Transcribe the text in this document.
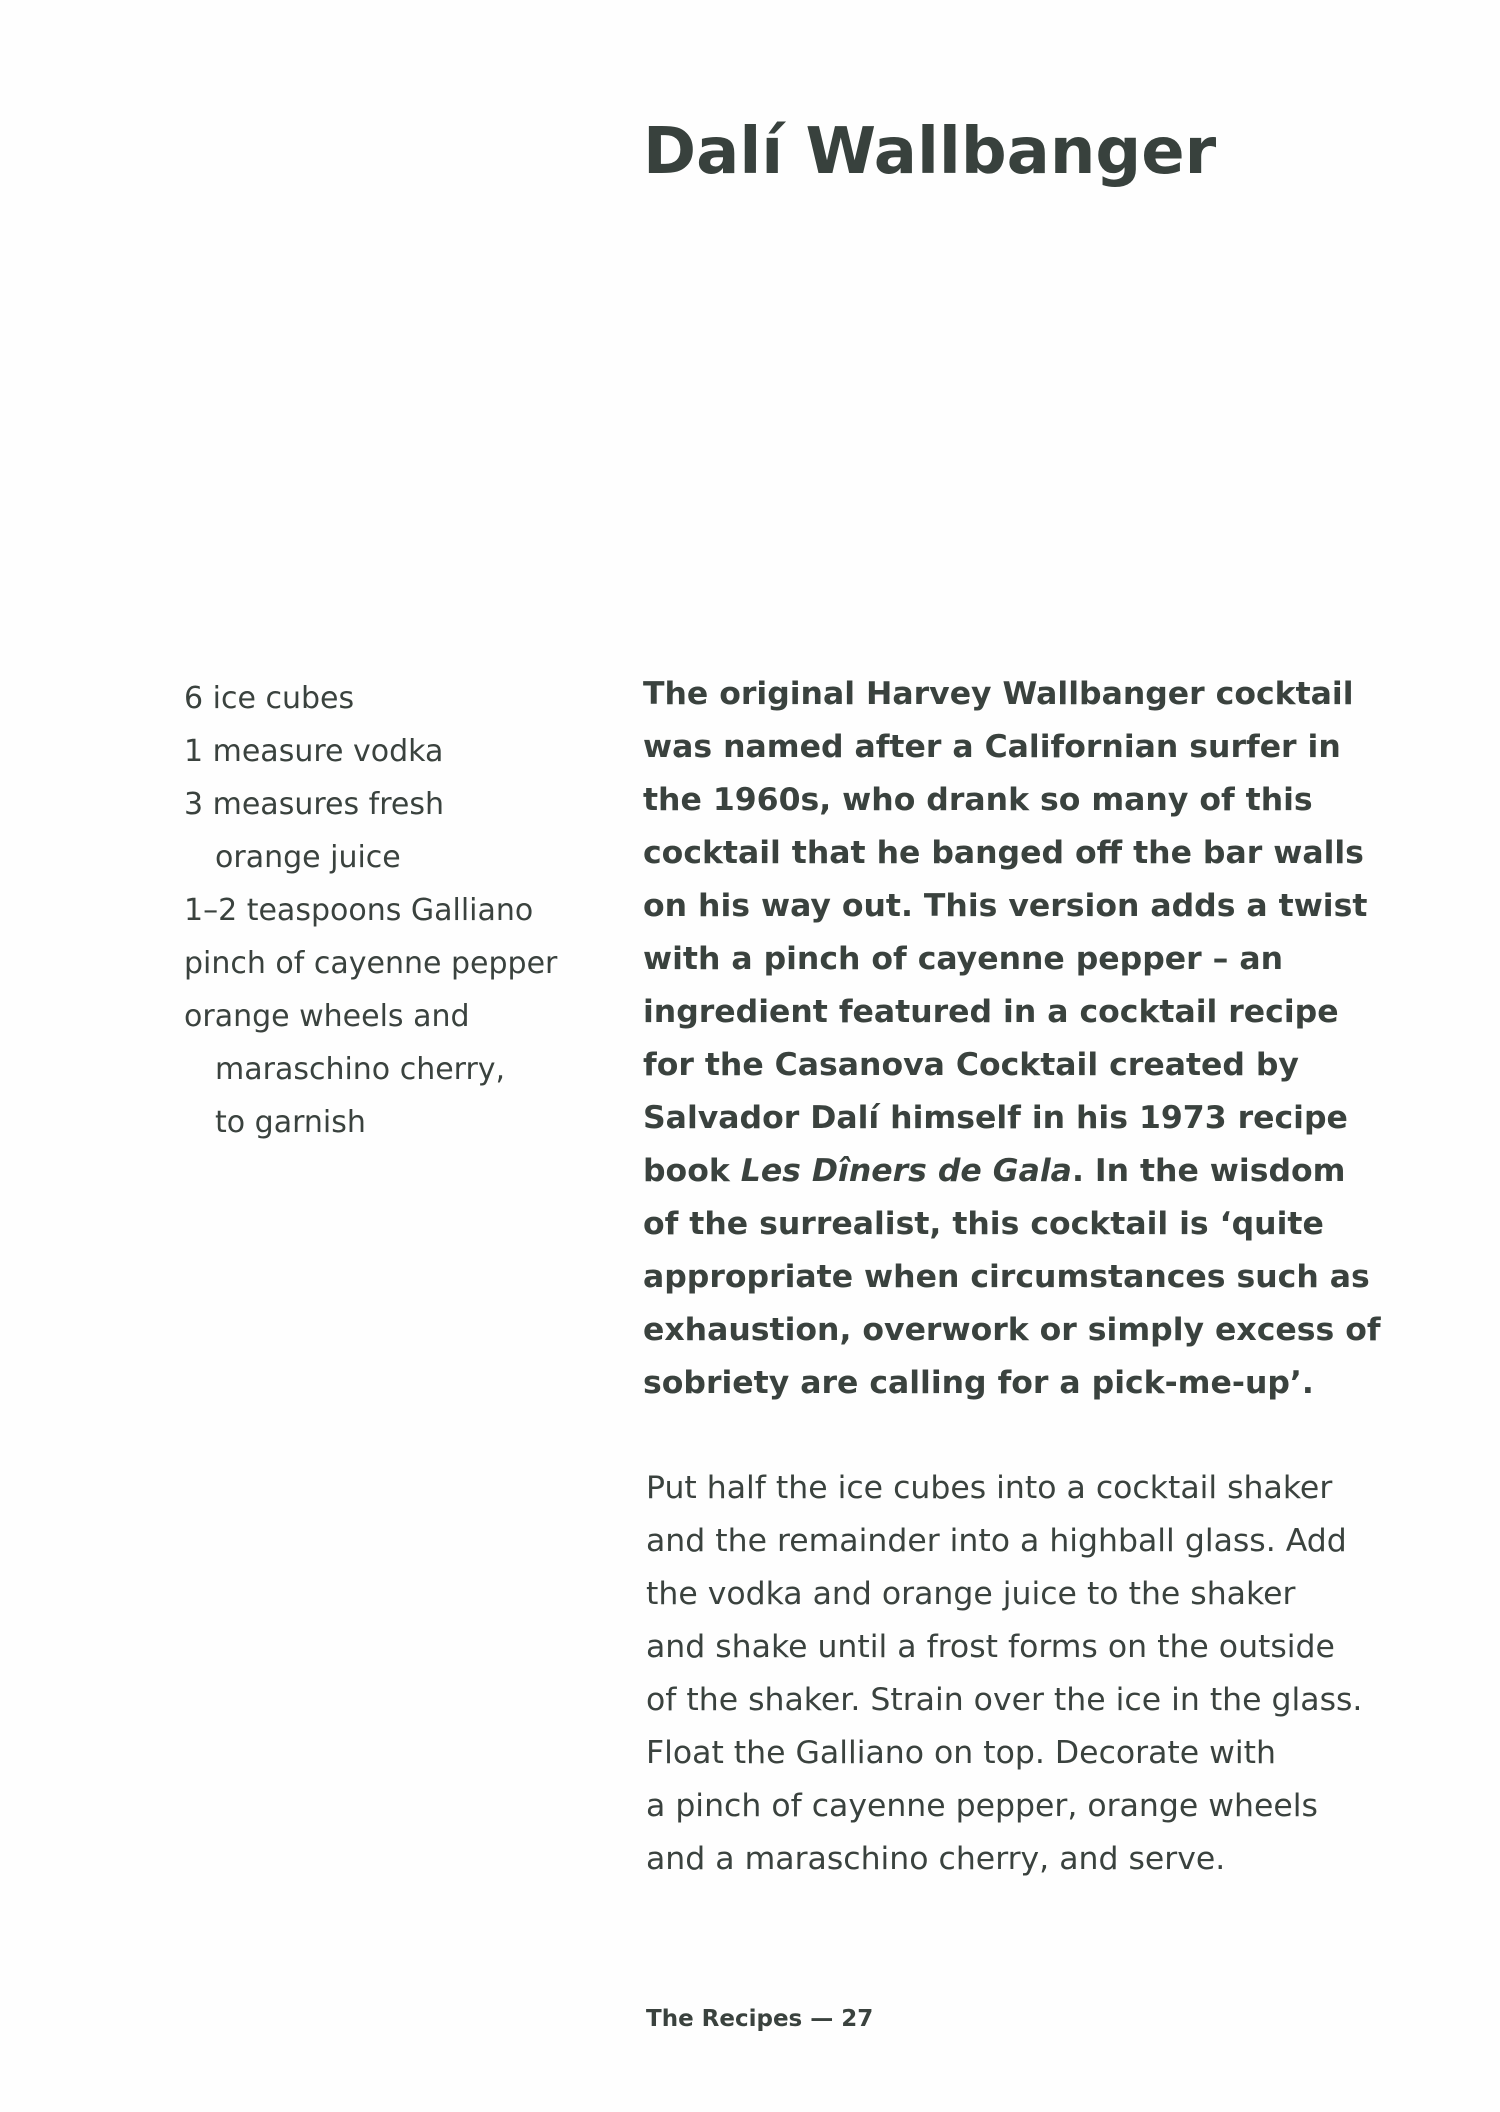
Dalí Wallbanger
6 ice cubes
1 measure vodka
3 measures fresh
orange juice
1–2 teaspoons Galliano
pinch of cayenne pepper
orange wheels and
maraschino cherry,
to garnish
The original Harvey Wallbanger cocktail
was named after a Californian surfer in
the 1960s, who drank so many of this
cocktail that he banged off the bar walls
on his way out. This version adds a twist
with a pinch of cayenne pepper – an
ingredient featured in a cocktail recipe
for the Casanova Cocktail created by
Salvador Dalí himself in his 1973 recipe
book Les Dîners de Gala. In the wisdom
of the surrealist, this cocktail is ‘quite
appropriate when circumstances such as
exhaustion, overwork or simply excess of
sobriety are calling for a pick-me-up’.
Put half the ice cubes into a cocktail shaker
and the remainder into a highball glass. Add
the vodka and orange juice to the shaker
and shake until a frost forms on the outside
of the shaker. Strain over the ice in the glass.
Float the Galliano on top. Decorate with
a pinch of cayenne pepper, orange wheels
and a maraschino cherry, and serve.

The Recipes — 27
